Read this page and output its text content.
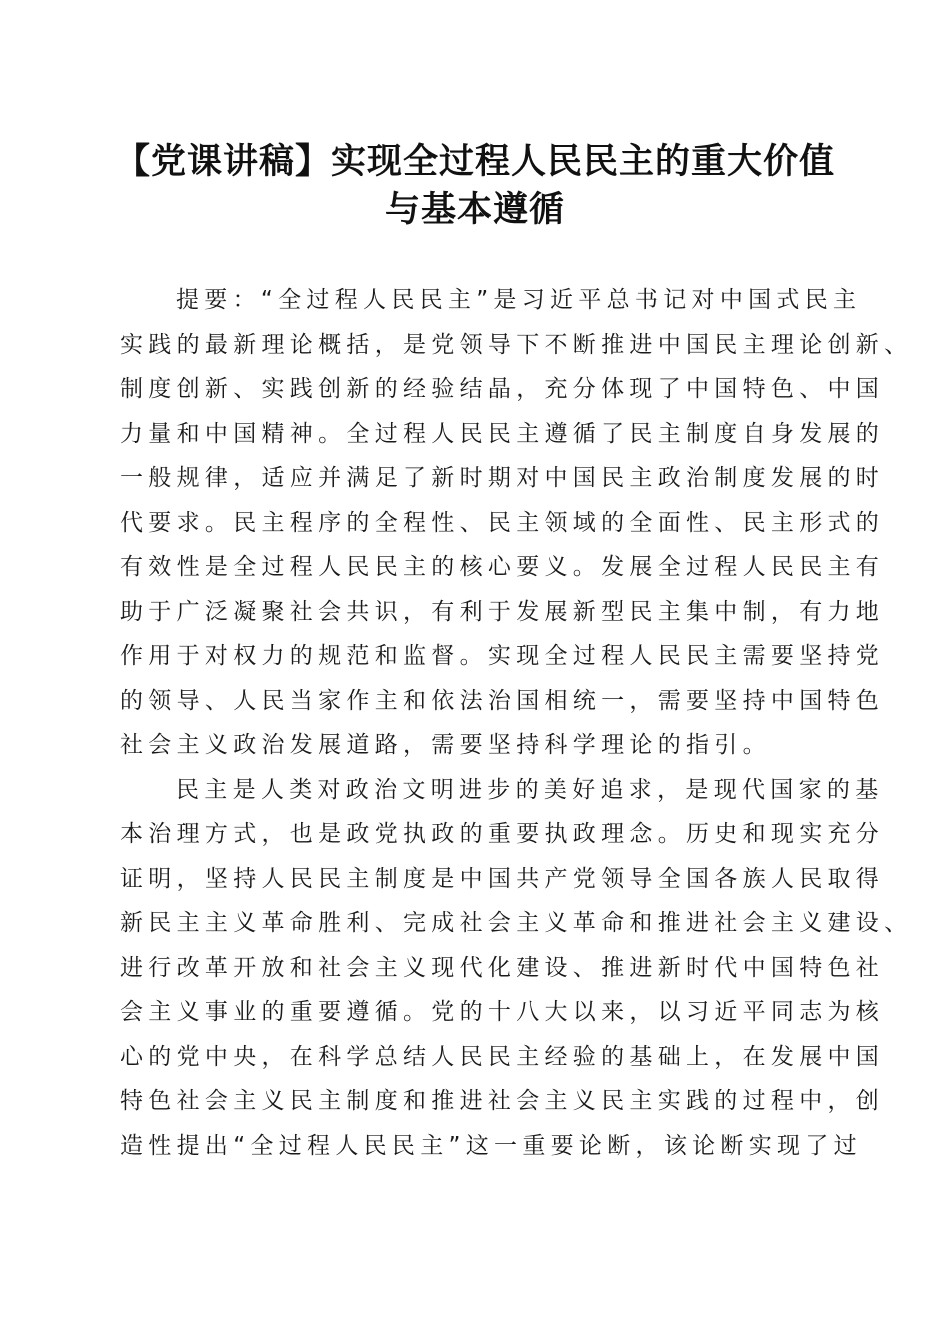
【党课讲稿】实现全过程人民民主的重大价值
与基本遵循

提要：“全过程人民民主”是习近平总书记对中国式民主
实践的最新理论概括，是党领导下不断推进中国民主理论创新、
制度创新、实践创新的经验结晶，充分体现了中国特色、中国
力量和中国精神。全过程人民民主遵循了民主制度自身发展的
一般规律，适应并满足了新时期对中国民主政治制度发展的时
代要求。民主程序的全程性、民主领域的全面性、民主形式的
有效性是全过程人民民主的核心要义。发展全过程人民民主有
助于广泛凝聚社会共识，有利于发展新型民主集中制，有力地
作用于对权力的规范和监督。实现全过程人民民主需要坚持党
的领导、人民当家作主和依法治国相统一，需要坚持中国特色
社会主义政治发展道路，需要坚持科学理论的指引。

民主是人类对政治文明进步的美好追求，是现代国家的基
本治理方式，也是政党执政的重要执政理念。历史和现实充分
证明，坚持人民民主制度是中国共产党领导全国各族人民取得
新民主主义革命胜利、完成社会主义革命和推进社会主义建设、
进行改革开放和社会主义现代化建设、推进新时代中国特色社
会主义事业的重要遵循。党的十八大以来，以习近平同志为核
心的党中央，在科学总结人民民主经验的基础上，在发展中国
特色社会主义民主制度和推进社会主义民主实践的过程中，创
造性提出“全过程人民民主”这一重要论断，该论断实现了过
